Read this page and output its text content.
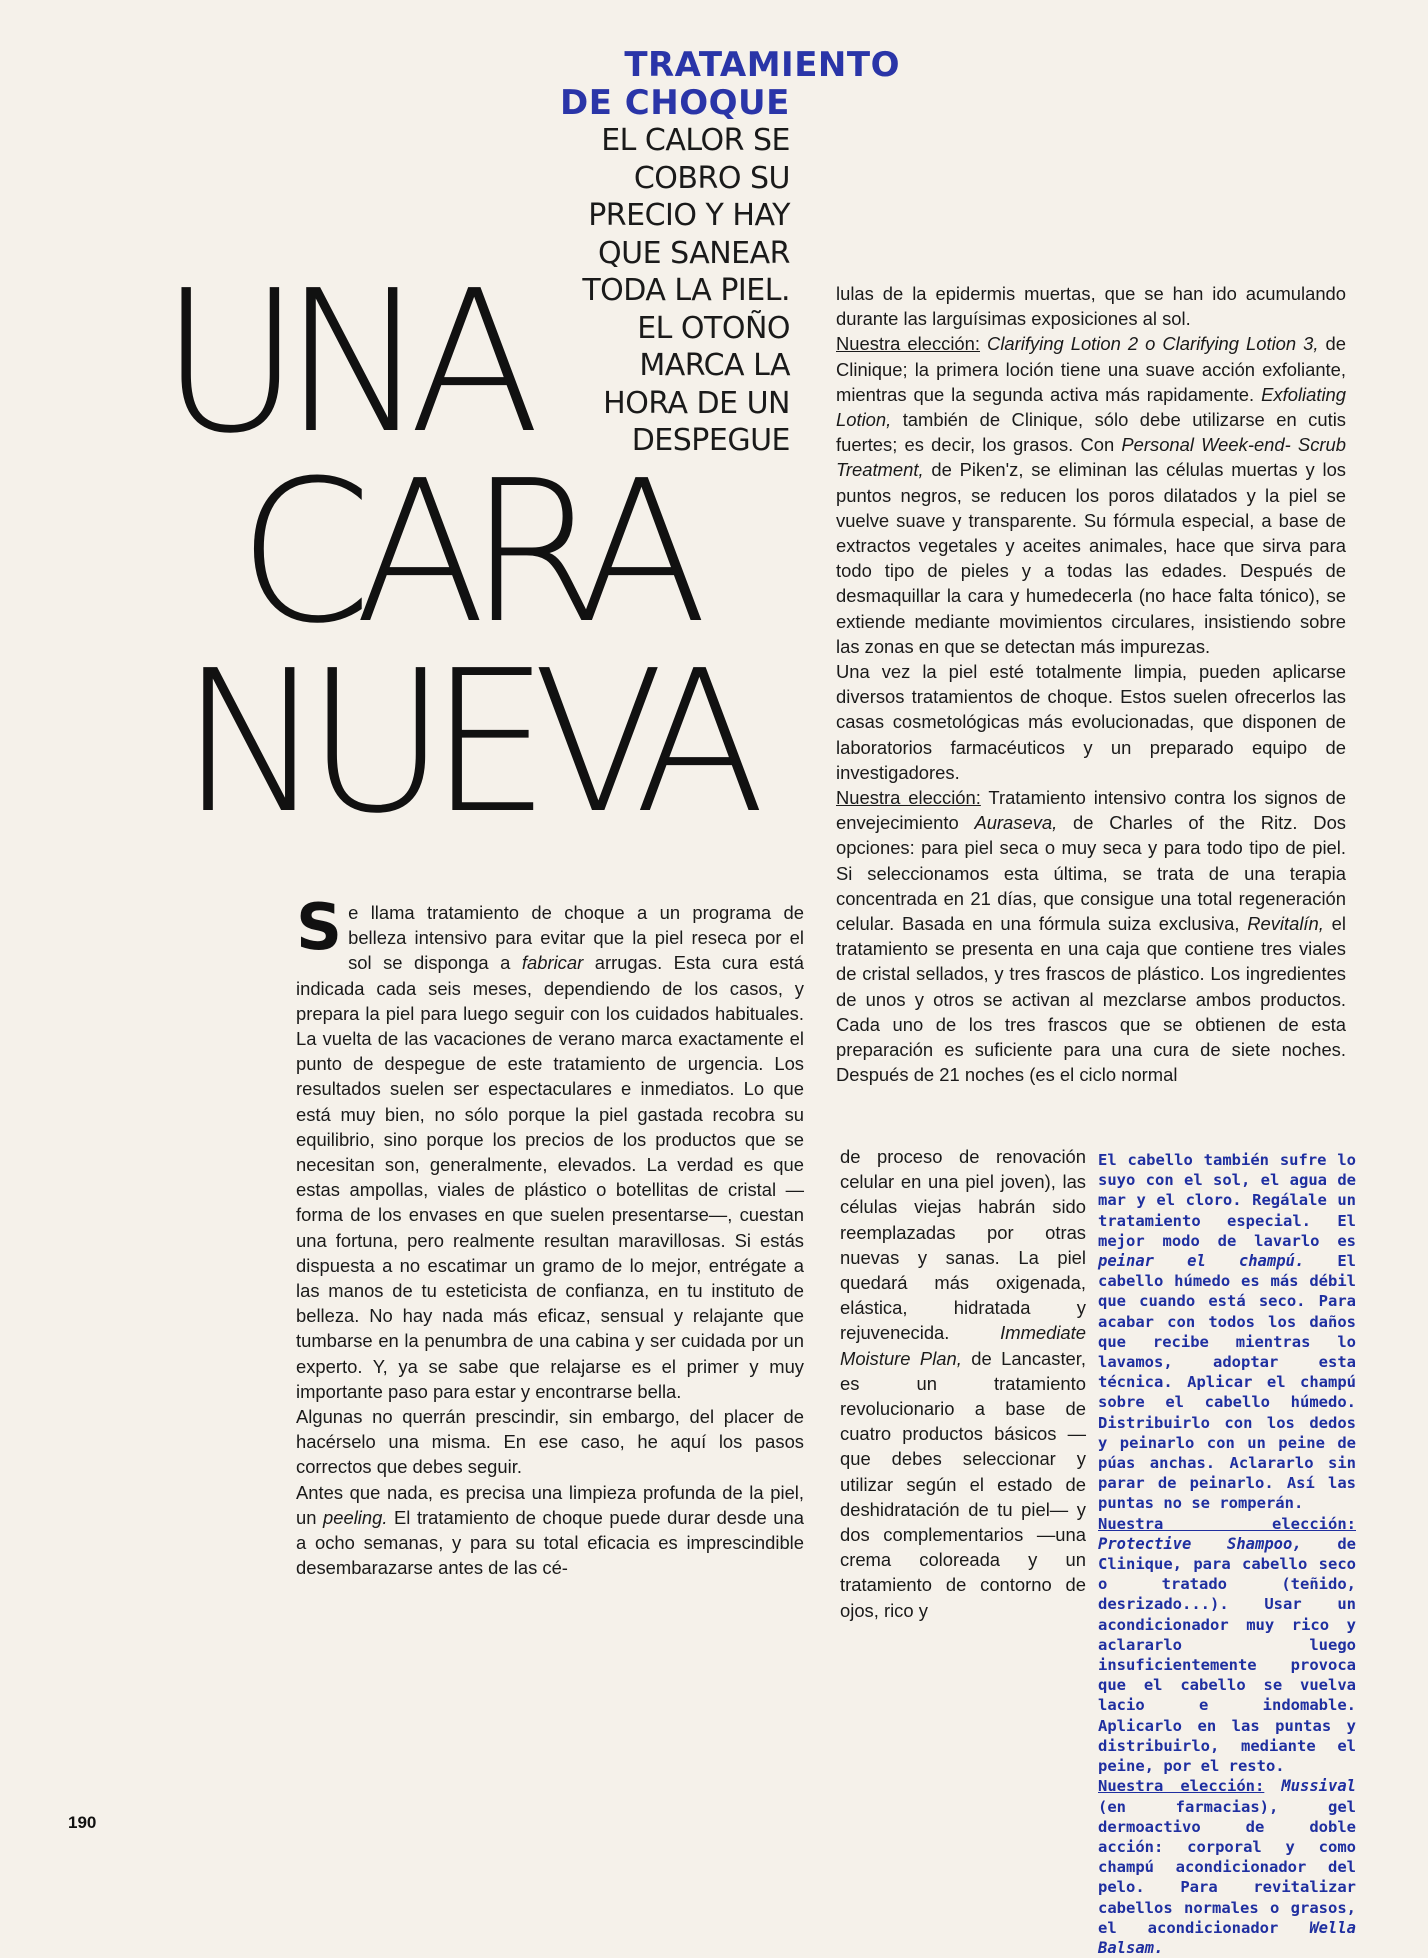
TRATAMIENTO
DE CHOQUE
EL CALOR SE
COBRO SU
PRECIO Y HAY
QUE SANEAR
TODA LA PIEL.
EL OTOÑO
MARCA LA
HORA DE UN
DESPEGUE
UNA
CARA
NUEVA

Se llama tratamiento de choque a un programa de belleza intensivo para evitar que la piel reseca por el sol se disponga a fabricar arrugas. Esta cura está indicada cada seis meses, dependiendo de los casos, y prepara la piel para luego seguir con los cuidados habituales. La vuelta de las vacaciones de verano marca exactamente el punto de despegue de este tratamiento de urgencia. Los resultados suelen ser espectaculares e inmediatos. Lo que está muy bien, no sólo porque la piel gastada recobra su equilibrio, sino porque los precios de los productos que se necesitan son, generalmente, elevados. La verdad es que estas ampollas, viales de plástico o botellitas de cristal —forma de los envases en que suelen presentarse—, cuestan una fortuna, pero realmente resultan maravillosas. Si estás dispuesta a no escatimar un gramo de lo mejor, entrégate a las manos de tu esteticista de confianza, en tu instituto de belleza. No hay nada más eficaz, sensual y relajante que tumbarse en la penumbra de una cabina y ser cuidada por un experto. Y, ya se sabe que relajarse es el primer y muy importante paso para estar y encontrarse bella.

Algunas no querrán prescindir, sin embargo, del placer de hacérselo una misma. En ese caso, he aquí los pasos correctos que debes seguir.

Antes que nada, es precisa una limpieza profunda de la piel, un peeling. El tratamiento de choque puede durar desde una a ocho semanas, y para su total eficacia es imprescindible desembarazarse antes de las cé-

lulas de la epidermis muertas, que se han ido acumulando durante las larguísimas exposiciones al sol.

Nuestra elección: Clarifying Lotion 2 o Clarifying Lotion 3, de Clinique; la primera loción tiene una suave acción exfoliante, mientras que la segunda activa más rapidamente. Exfoliating Lotion, también de Clinique, sólo debe utilizarse en cutis fuertes; es decir, los grasos. Con Personal Week-end- Scrub Treatment, de Piken'z, se eliminan las células muertas y los puntos negros, se reducen los poros dilatados y la piel se vuelve suave y transparente. Su fórmula especial, a base de extractos vegetales y aceites animales, hace que sirva para todo tipo de pieles y a todas las edades. Después de desmaquillar la cara y humedecerla (no hace falta tónico), se extiende mediante movimientos circulares, insistiendo sobre las zonas en que se detectan más impurezas.

Una vez la piel esté totalmente limpia, pueden aplicarse diversos tratamientos de choque. Estos suelen ofrecerlos las casas cosmetológicas más evolucionadas, que disponen de laboratorios farmacéuticos y un preparado equipo de investigadores.

Nuestra elección: Tratamiento intensivo contra los signos de envejecimiento Auraseva, de Charles of the Ritz. Dos opciones: para piel seca o muy seca y para todo tipo de piel. Si seleccionamos esta última, se trata de una terapia concentrada en 21 días, que consigue una total regeneración celular. Basada en una fórmula suiza exclusiva, Revitalín, el tratamiento se presenta en una caja que contiene tres viales de cristal sellados, y tres frascos de plástico. Los ingredientes de unos y otros se activan al mezclarse ambos productos. Cada uno de los tres frascos que se obtienen de esta preparación es suficiente para una cura de siete noches. Después de 21 noches (es el ciclo normal

de proceso de renovación celular en una piel joven), las células viejas habrán sido reemplazadas por otras nuevas y sanas. La piel quedará más oxigenada, elástica, hidratada y rejuvenecida. Immediate Moisture Plan, de Lancaster, es un tratamiento revolucionario a base de cuatro productos básicos —que debes seleccionar y utilizar según el estado de deshidratación de tu piel— y dos complementarios —una crema coloreada y un tratamiento de contorno de ojos, rico y

El cabello también sufre lo suyo con el sol, el agua de mar y el cloro. Regálale un tratamiento especial. El mejor modo de lavarlo es peinar el champú. El cabello húmedo es más débil que cuando está seco. Para acabar con todos los daños que recibe mientras lo lavamos, adoptar esta técnica. Aplicar el champú sobre el cabello húmedo. Distribuirlo con los dedos y peinarlo con un peine de púas anchas. Aclararlo sin parar de peinarlo. Así las puntas no se romperán.

Nuestra elección: Protective Shampoo, de Clinique, para cabello seco o tratado (teñido, desrizado...). Usar un acondicionador muy rico y aclararlo luego insuficientemente provoca que el cabello se vuelva lacio e indomable. Aplicarlo en las puntas y distribuirlo, mediante el peine, por el resto.

Nuestra elección: Mussival (en farmacias), gel dermoactivo de doble acción: corporal y como champú acondicionador del pelo. Para revitalizar cabellos normales o grasos, el acondicionador Wella Balsam.

190
